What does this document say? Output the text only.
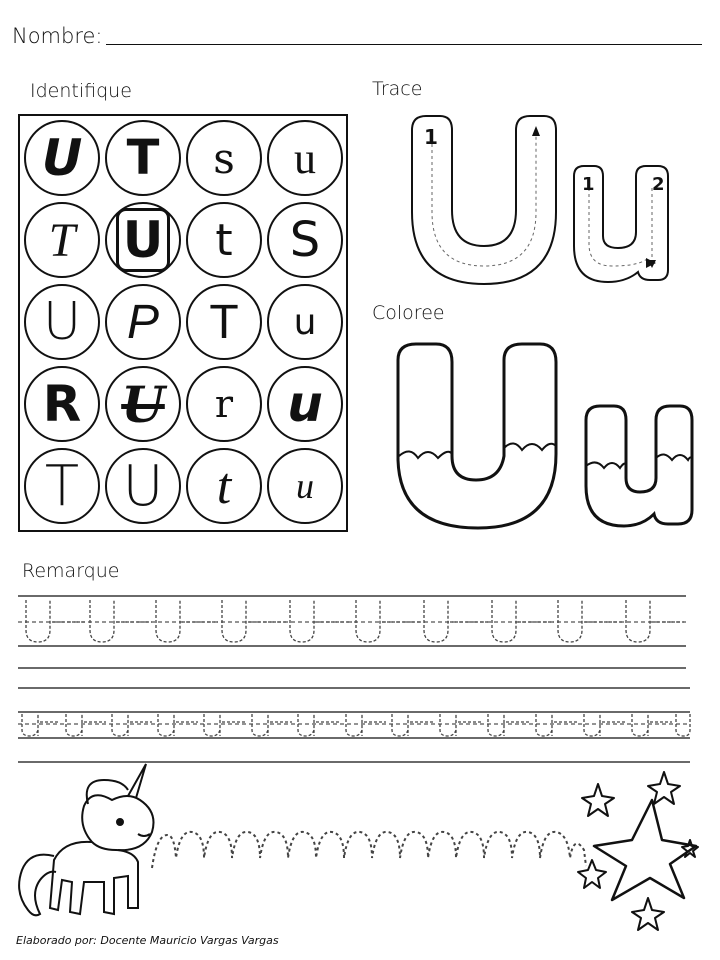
Nombre:
Identifique	Trace
Coloree
Remarque
U T s u
T U t S
U P T u
R U r u
T U t u
1
1	2
Elaborado por: Docente Mauricio Vargas Vargas
